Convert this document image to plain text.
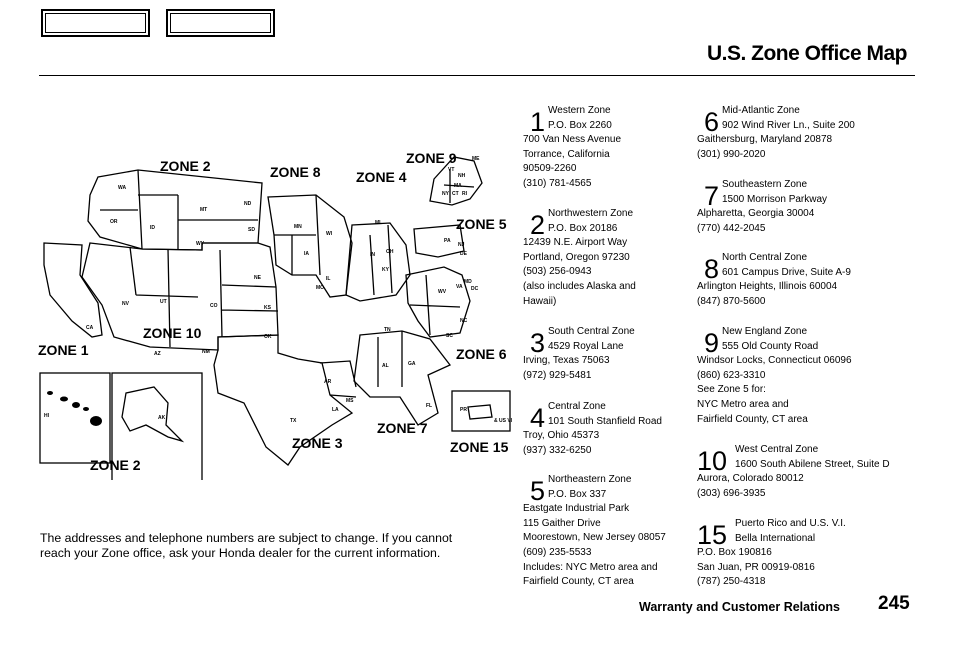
U.S. Zone Office Map
ZONE 2	ZONE 8	ZONE 4
ZONE 9
ZONE 5
ZONE 10
ZONE 1	ZONE 6
ZONE 7
ZONE 3	ZONE 15
ZONE 2
WA
OR
ID
MT
ND
SD
WY
NE
KS
CO
UT
NV
CA
AZ	NM
OK
TX
MN
WI
IA
IL
MO
AR
LA
MS
MI
IN OH
KY
TN
AL	GA
FL
SC
NC
VA
WV
PA
NY
NJ
DE
MD
DC
ME
VT
NH
MA
CT RI
HI	AK
PR
& US VI
The addresses and telephone numbers are subject to change. If you cannot reach your Zone office, ask your Honda dealer for the current information.
1 Western Zone
P.O. Box 2260
700 Van Ness Avenue
Torrance, California
90509-2260
(310) 781-4565
2 Northwestern Zone
P.O. Box 20186
12439 N.E. Airport Way
Portland, Oregon 97230
(503) 256-0943
(also includes Alaska and
Hawaii)
3 South Central Zone
4529 Royal Lane
Irving, Texas 75063
(972) 929-5481
4 Central Zone
101 South Stanfield Road
Troy, Ohio 45373
(937) 332-6250
5 Northeastern Zone
P.O. Box 337
Eastgate Industrial Park
115 Gaither Drive
Moorestown, New Jersey 08057
(609) 235-5533
Includes: NYC Metro area and
Fairfield County, CT area
6 Mid-Atlantic Zone
902 Wind River Ln., Suite 200
Gaithersburg, Maryland 20878
(301) 990-2020
7 Southeastern Zone
1500 Morrison Parkway
Alpharetta, Georgia 30004
(770) 442-2045
8 North Central Zone
601 Campus Drive, Suite A-9
Arlington Heights, Illinois 60004
(847) 870-5600
9 New England Zone
555 Old County Road
Windsor Locks, Connecticut 06096
(860) 623-3310
See Zone 5 for:
NYC Metro area and
Fairfield County, CT area
10 West Central Zone
1600 South Abilene Street, Suite D
Aurora, Colorado 80012
(303) 696-3935
15 Puerto Rico and U.S. V.I.
Bella International
P.O. Box 190816
San Juan, PR 00919-0816
(787) 250-4318
Warranty and Customer Relations 245
